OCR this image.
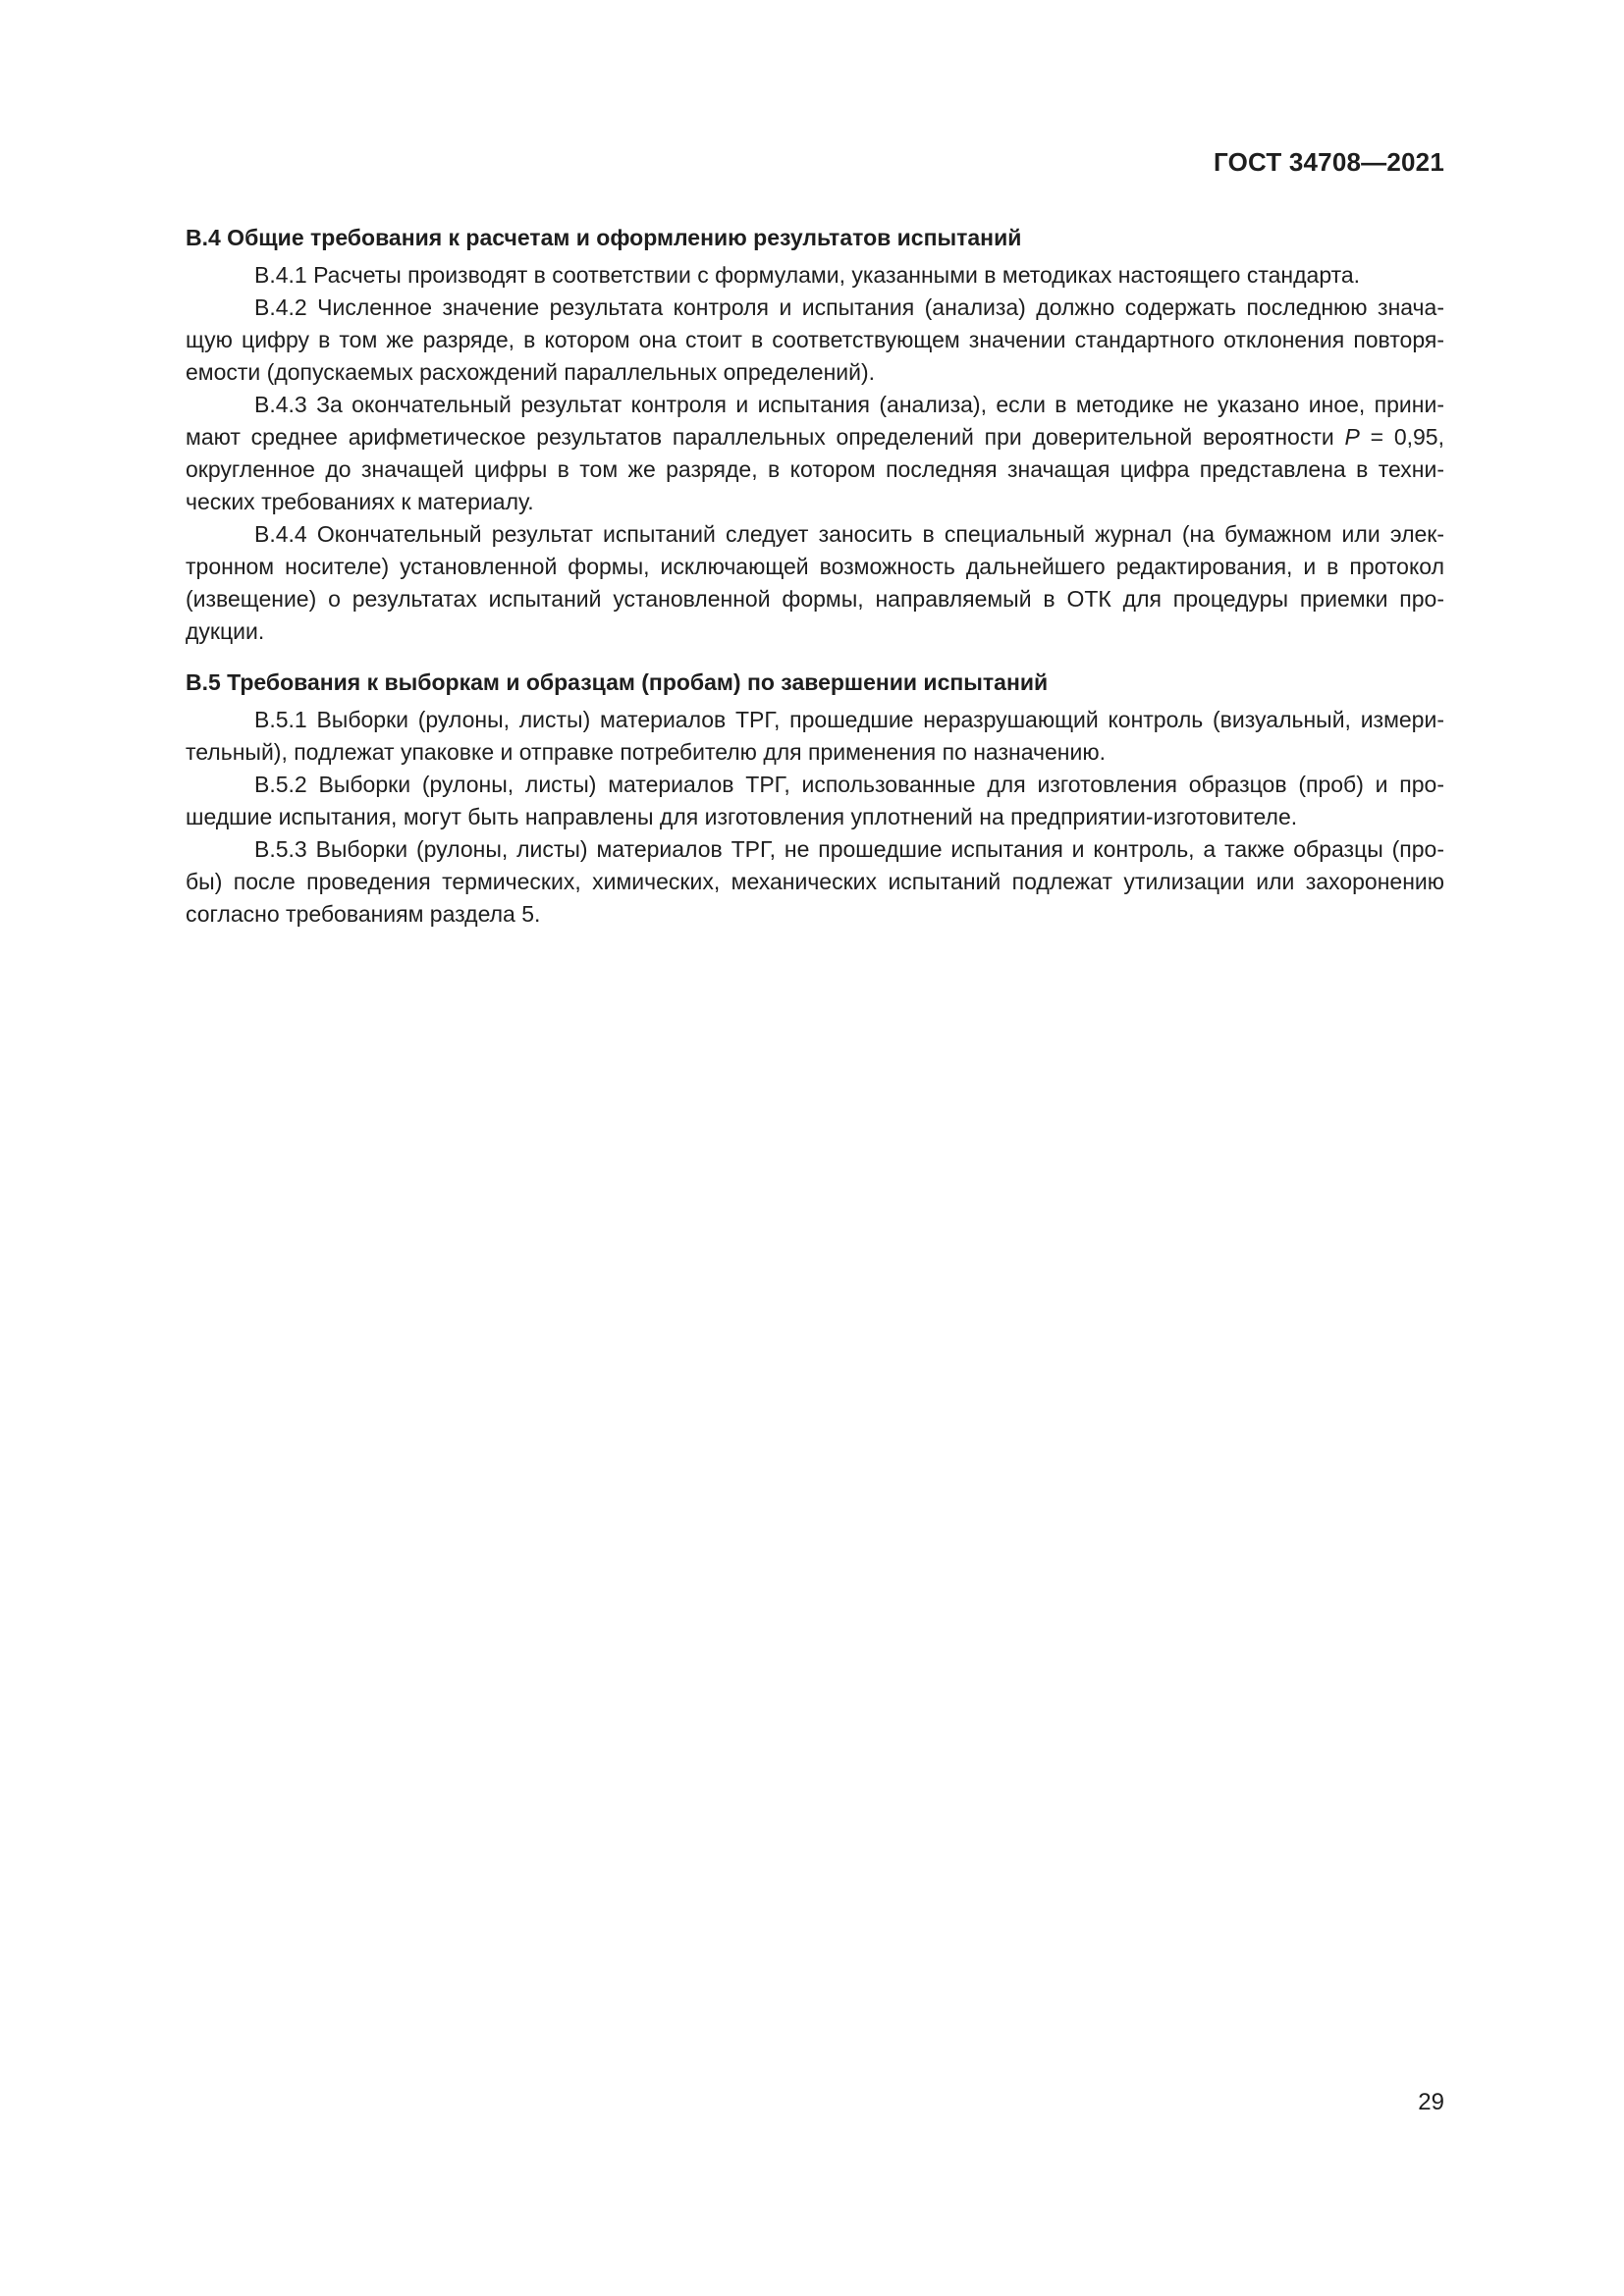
ГОСТ 34708—2021
В.4 Общие требования к расчетам и оформлению результатов испытаний
В.4.1 Расчеты производят в соответствии с формулами, указанными в методиках настоящего стандарта.
В.4.2 Численное значение результата контроля и испытания (анализа) должно содержать последнюю знача-
щую цифру в том же разряде, в котором она стоит в соответствующем значении стандартного отклонения повторя-
емости (допускаемых расхождений параллельных определений).
В.4.3 За окончательный результат контроля и испытания (анализа), если в методике не указано иное, прини-
мают среднее арифметическое результатов параллельных определений при доверительной вероятности P = 0,95,
округленное до значащей цифры в том же разряде, в котором последняя значащая цифра представлена в техни-
ческих требованиях к материалу.
В.4.4 Окончательный результат испытаний следует заносить в специальный журнал (на бумажном или элек-
тронном носителе) установленной формы, исключающей возможность дальнейшего редактирования, и в протокол
(извещение) о результатах испытаний установленной формы, направляемый в ОТК для процедуры приемки про-
дукции.
В.5 Требования к выборкам и образцам (пробам) по завершении испытаний
В.5.1 Выборки (рулоны, листы) материалов ТРГ, прошедшие неразрушающий контроль (визуальный, измери-
тельный), подлежат упаковке и отправке потребителю для применения по назначению.
В.5.2 Выборки (рулоны, листы) материалов ТРГ, использованные для изготовления образцов (проб) и про-
шедшие испытания, могут быть направлены для изготовления уплотнений на предприятии-изготовителе.
В.5.3 Выборки (рулоны, листы) материалов ТРГ, не прошедшие испытания и контроль, а также образцы (про-
бы) после проведения термических, химических, механических испытаний подлежат утилизации или захоронению
согласно требованиям раздела 5.
29
